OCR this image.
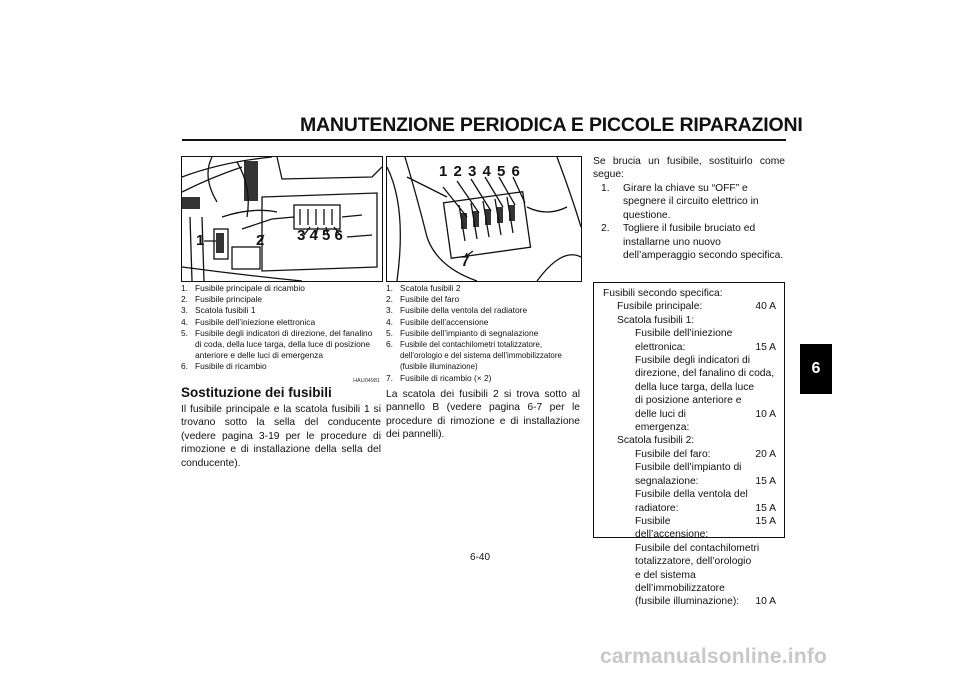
MANUTENZIONE PERIODICA E PICCOLE RIPARAZIONI
6
1	2 3 4 5 6
1. Fusibile principale di ricambio
2. Fusibile principale
3. Scatola fusibili 1
4. Fusibile dell’iniezione elettronica
5. Fusibile degli indicatori di direzione, del fanalino di coda, della luce targa, della luce di posizione anteriore e delle luci di emergenza
6. Fusibile di ricambio
HAU04981
Sostituzione dei fusibili

Il fusibile principale e la scatola fusibili 1 si trovano sotto la sella del conducente (vedere pagina 3-19 per le procedure di rimozione e di installazione della sella del conducente).

1 2 3 4 5 6
7
1. Scatola fusibili 2
2. Fusibile del faro
3. Fusibile della ventola del radiatore
4. Fusibile dell’accensione
5. Fusibile dell’impianto di segnalazione
6. Fusibile del contachilometri totalizzatore, dell’orologio e del sistema dell’immobilizzatore (fusibile illuminazione)
7. Fusibile di ricambio (× 2)

La scatola dei fusibili 2 si trova sotto al pannello B (vedere pagina 6-7 per le procedure di rimozione e di installazione dei pannelli).

Se brucia un fusibile, sostituirlo come segue:

1.	Girare la chiave su “OFF” e spegnere il circuito elettrico in questione.
2.	Togliere il fusibile bruciato ed installarne uno nuovo dell’amperaggio secondo specifica.
Fusibili secondo specifica:
Fusibile principale:	40 A
Scatola fusibili 1:
Fusibile dell’iniezione
elettronica:	15 A
Fusibile degli indicatori di
direzione, del fanalino di coda,
della luce targa, della luce
di posizione anteriore e
delle luci di emergenza:
10 A
Scatola fusibili 2:
Fusibile del faro:	20 A
Fusibile dell’impianto di
segnalazione:	15 A
Fusibile della ventola del
radiatore:	15 A
Fusibile dell’accensione:
15 A
Fusibile del contachilometri
totalizzatore, dell’orologio
e del sistema
dell’immobilizzatore
(fusibile illuminazione):	10 A
6-40
carmanualsonline.info
